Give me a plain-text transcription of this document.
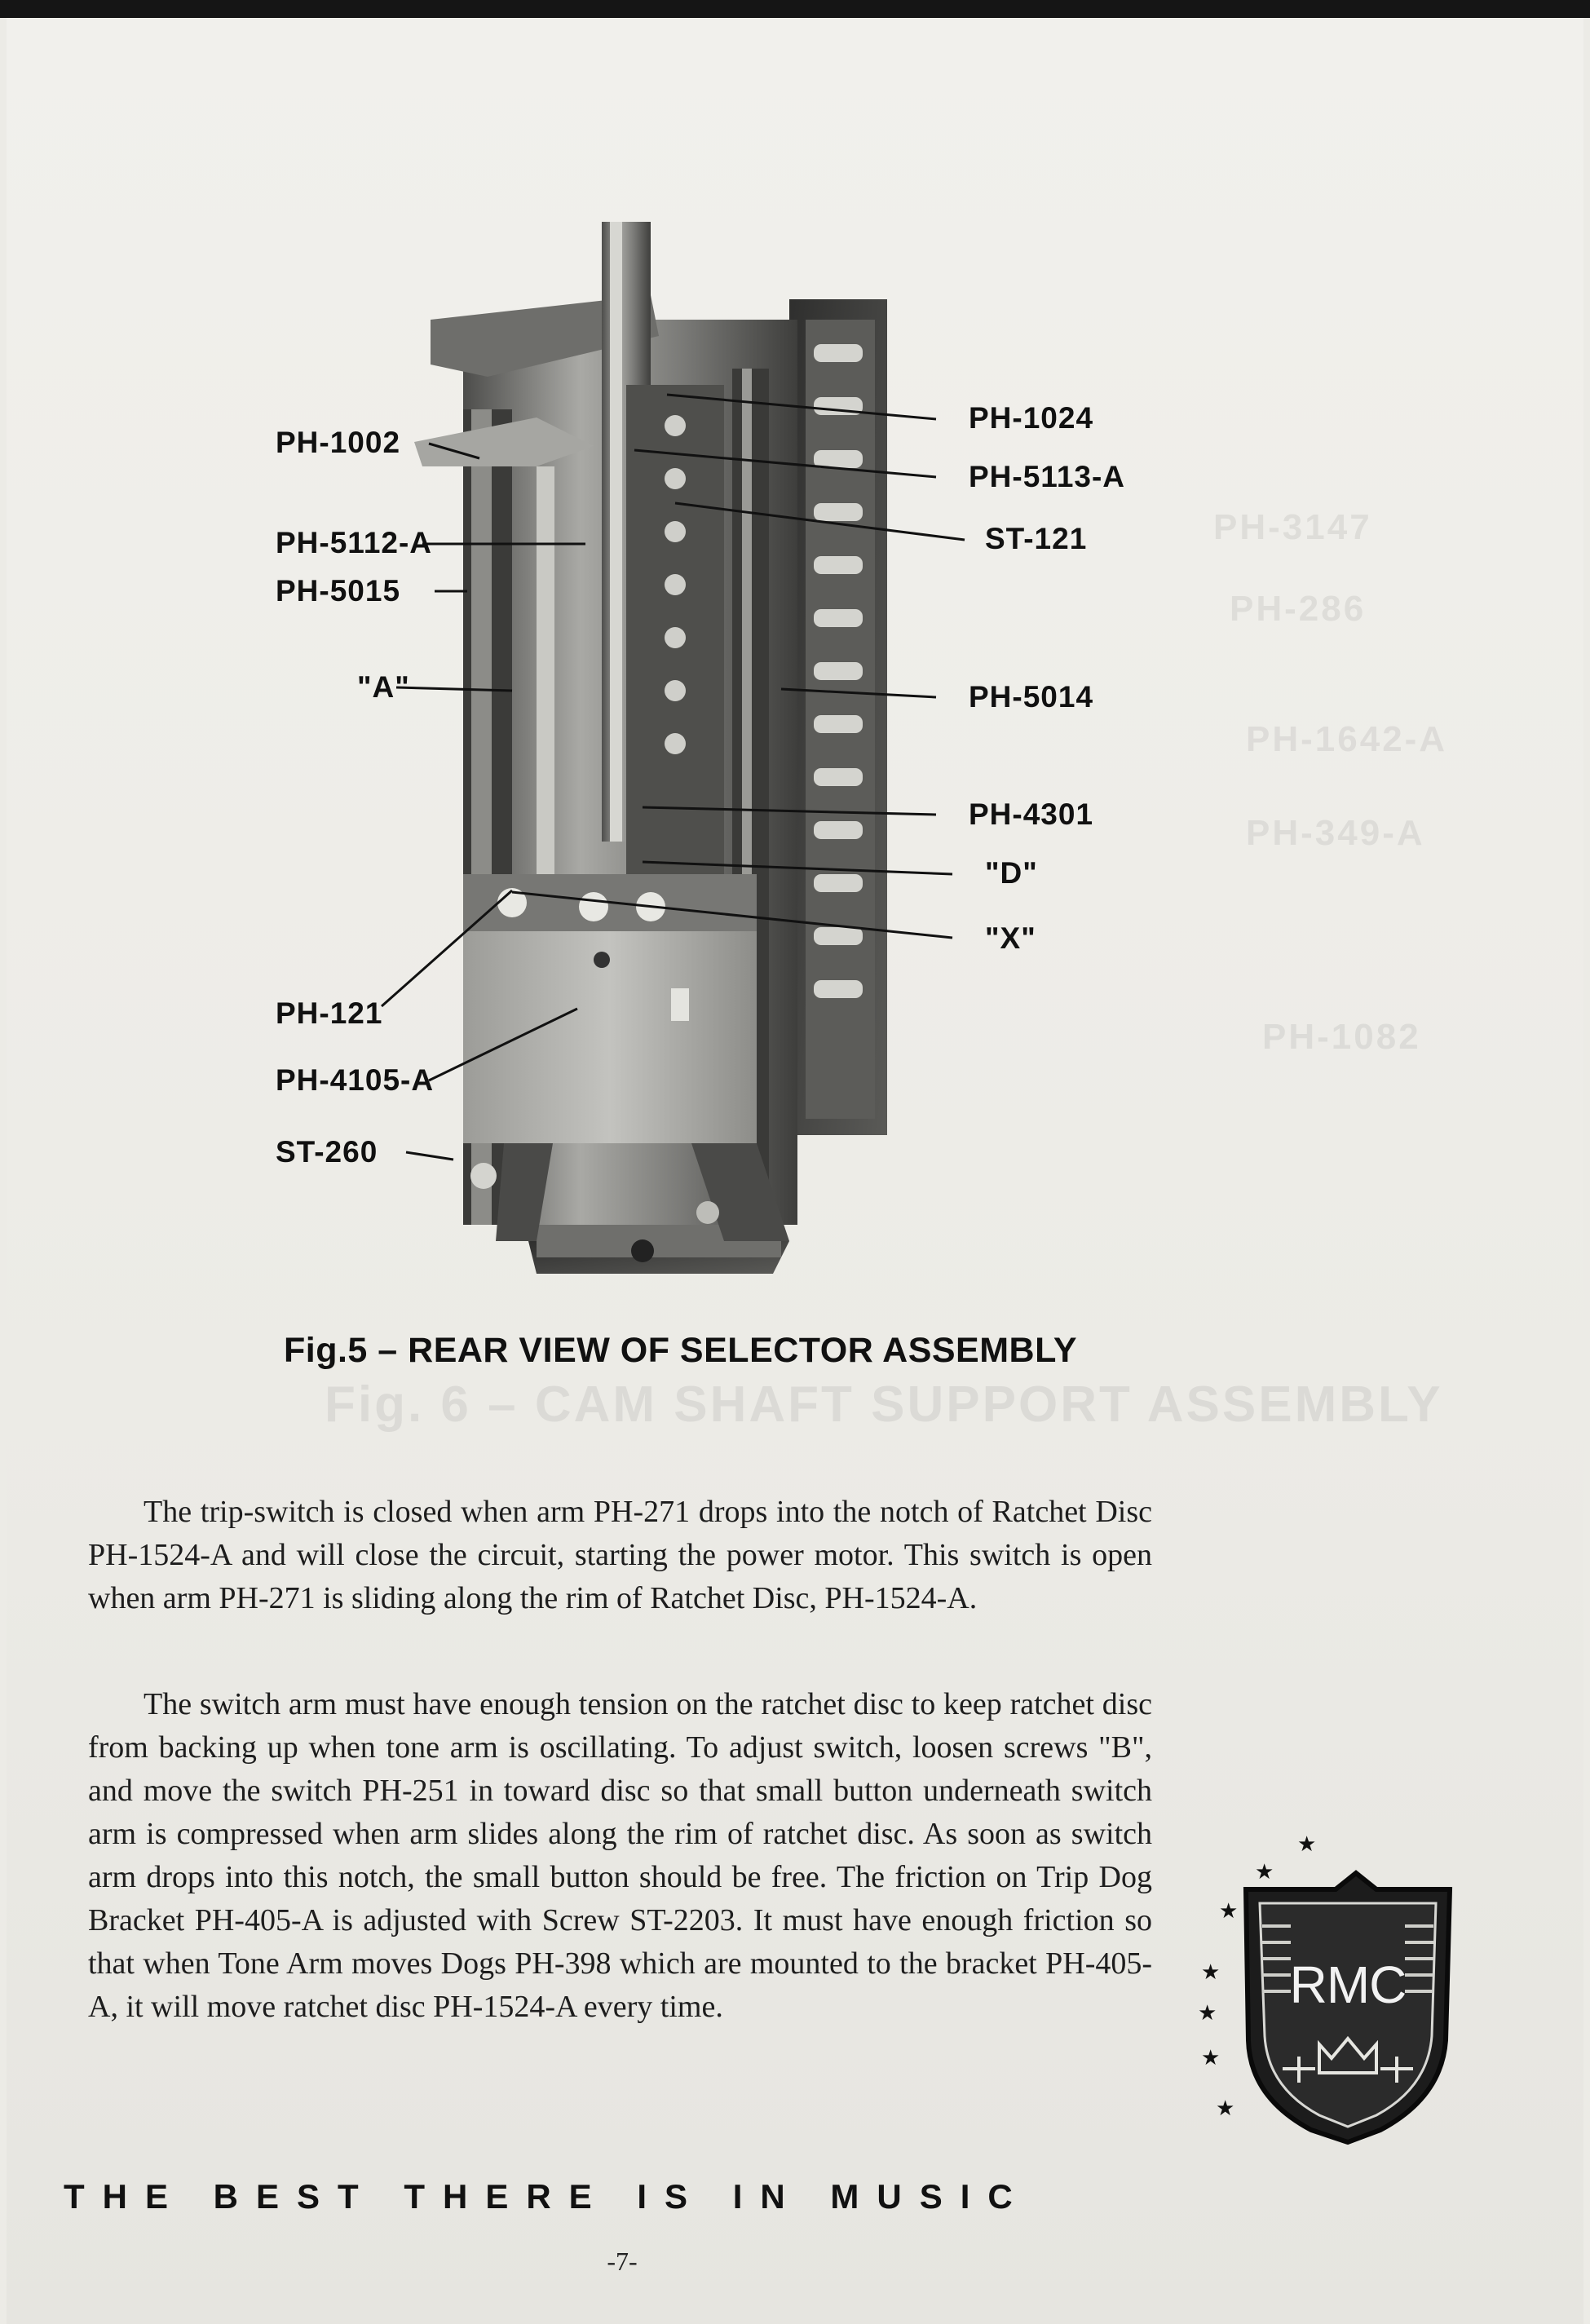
Fig. 6 – CAM SHAFT SUPPORT ASSEMBLY
PH-3147
PH-286
PH-1642-A
PH-349-A
PH-1082
PH-1002
PH-5112-A
PH-5015
"A"
PH-121
PH-4105-A
ST-260
PH-1024
PH-5113-A
ST-121
PH-5014
PH-4301
"D"
"X"
Fig.5 – REAR VIEW OF SELECTOR ASSEMBLY

The trip-switch is closed when arm PH-271 drops into the notch of Ratchet Disc PH-1524-A and will close the circuit, starting the power motor. This switch is open when arm PH-271 is sliding along the rim of Ratchet Disc, PH-1524-A.

The switch arm must have enough tension on the ratchet disc to keep ratchet disc from backing up when tone arm is oscillating. To adjust switch, loosen screws "B", and move the switch PH-251 in toward disc so that small button underneath switch arm is compressed when arm slides along the rim of ratchet disc. As soon as switch arm drops into this notch, the small button should be free. The friction on Trip Dog Bracket PH-405-A is adjusted with Screw ST-2203. It must have enough friction so that when Tone Arm moves Dogs PH-398 which are mounted to the bracket PH-405-A, it will move ratchet disc PH-1524-A every time.

★
★
★
★
★
★
★
RMC
THE BEST THERE IS IN MUSIC
-7-
